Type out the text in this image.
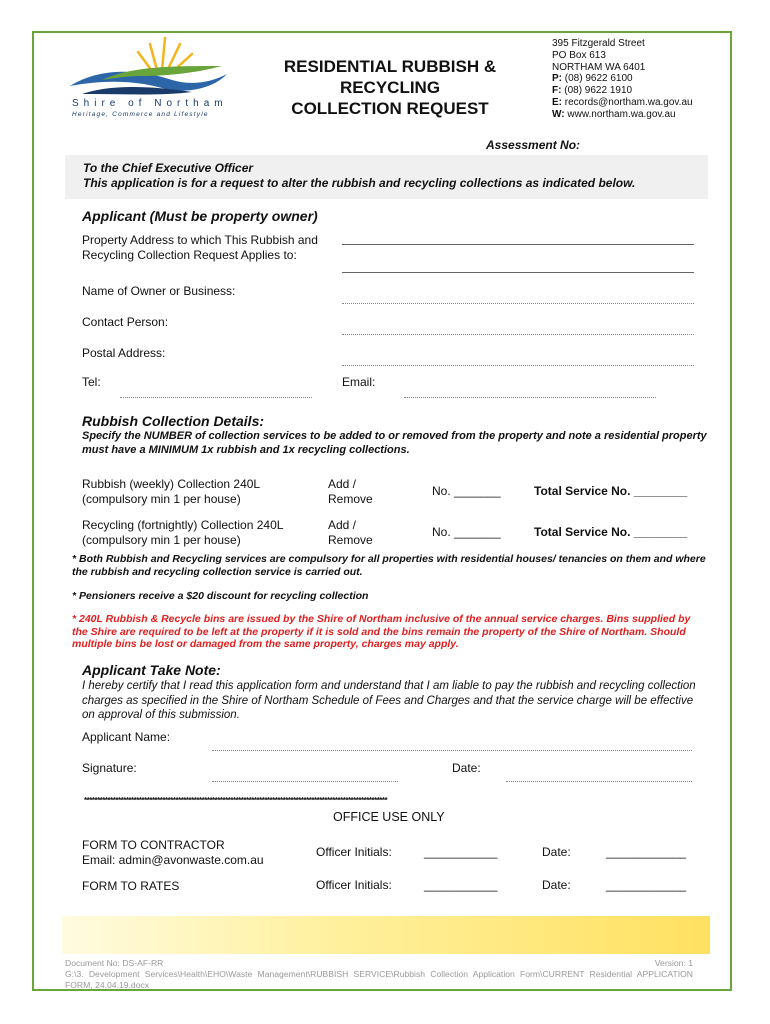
Shire of Northam
Heritage, Commerce and Lifestyle
RESIDENTIAL RUBBISH &
RECYCLING
COLLECTION REQUEST
395 Fitzgerald Street
PO Box 613
NORTHAM WA 6401
P: (08) 9622 6100
F: (08) 9622 1910
E: records@northam.wa.gov.au
W: www.northam.wa.gov.au
Assessment No:
To the Chief Executive Officer
This application is for a request to alter the rubbish and recycling collections as indicated below.
Applicant (Must be property owner)
Property Address to which This Rubbish and Recycling Collection Request Applies to:
Name of Owner or Business:
Contact Person:
Postal Address:
Tel:	Email:
Rubbish Collection Details:
Specify the NUMBER of collection services to be added to or removed from the property and note a residential property must have a MINIMUM 1x rubbish and 1x recycling collections.
Rubbish (weekly) Collection 240L
(compulsory min 1 per house)
Add /
Remove
No. _______	Total Service No. ________
Recycling (fortnightly) Collection 240L
(compulsory min 1 per house)
Add /
Remove
No. _______	Total Service No. ________
* Both Rubbish and Recycling services are compulsory for all properties with residential houses/ tenancies on them and where the rubbish and recycling collection service is carried out.
* Pensioners receive a $20 discount for recycling collection
* 240L Rubbish & Recycle bins are issued by the Shire of Northam inclusive of the annual service charges. Bins supplied by the Shire are required to be left at the property if it is sold and the bins remain the property of the Shire of Northam. Should multiple bins be lost or damaged from the same property, charges may apply.
Applicant Take Note:
I hereby certify that I read this application form and understand that I am liable to pay the rubbish and recycling collection charges as specified in the Shire of Northam Schedule of Fees and Charges and that the service charge will be effective on approval of this submission.
Applicant Name:
Signature:	Date:
********************************************************************************************************************
OFFICE USE ONLY
FORM TO CONTRACTOR
Email: admin@avonwaste.com.au
Officer Initials:	___________	Date:	____________
FORM TO RATES	Officer Initials:	___________	Date:	____________
Document No: DS-AF-RR	Version: 1
G:\3. Development Services\Health\EHO\Waste Management\RUBBISH SERVICE\Rubbish Collection Application Form\CURRENT Residential APPLICATION FORM, 24.04.19.docx
